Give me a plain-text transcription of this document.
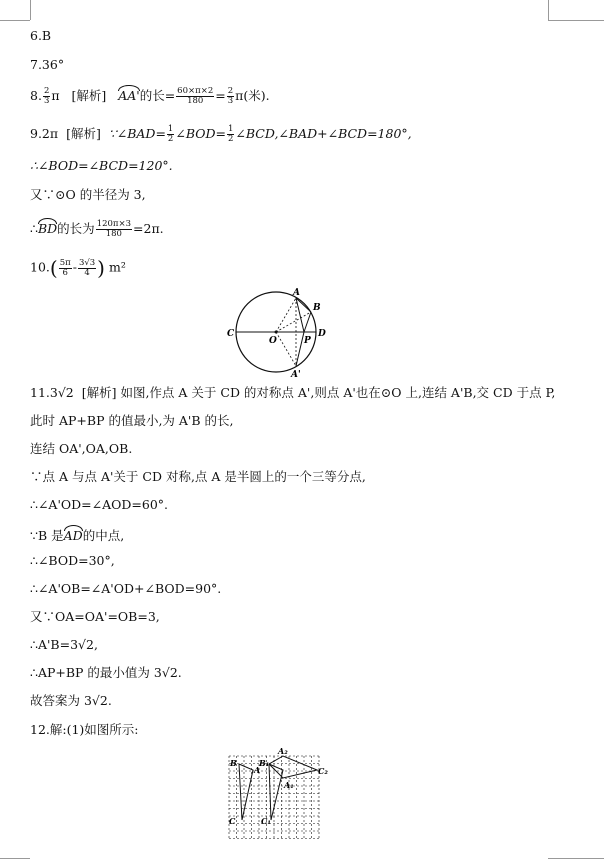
6.B
7.36°
8. $\frac{2}{3}$ π [解析] AA'的长= $\frac{60\times\pi\times 2}{180} = \frac{2}{3} \pi$(米).
9.2π [解析] ∵∠BAD= $\frac{1}{2}$ ∠BOD= $\frac{1}{2}$ ∠BCD,∠BAD+∠BCD=180°,
∴∠BOD=∠BCD=120°.
又∵⊙O 的半径为 3,
∴BD的长为 $\frac{120\pi\times 3}{180} =2\pi$.
$10.( \frac{5\pi}{6} - \frac{3√3}{4}$ ) m²
A
B
C	D
O	P
A'
11.3√2 [解析] 如图,作点 A 关于 CD 的对称点 A',则点 A'也在⊙O 上,连结 A'B,交 CD 于点 P,
此时 AP+BP 的值最小,为 A'B 的长,
连结 OA',OA,OB.
∵点 A 与点 A'关于 CD 对称,点 A 是半圆上的一个三等分点,
∴∠A'OD=∠AOD=60°.
∵B 是AD的中点,
∴∠BOD=30°,
∴∠A'OB=∠A'OD+∠BOD=90°.
又∵OA=OA'=OB=3,
∴A'B=3√2,
∴AP+BP 的最小值为 3√2.
故答案为 3√2.
12.解:(1)如图所示:
B
A
C
B₁
A₁
C₁
A₂
C₂
